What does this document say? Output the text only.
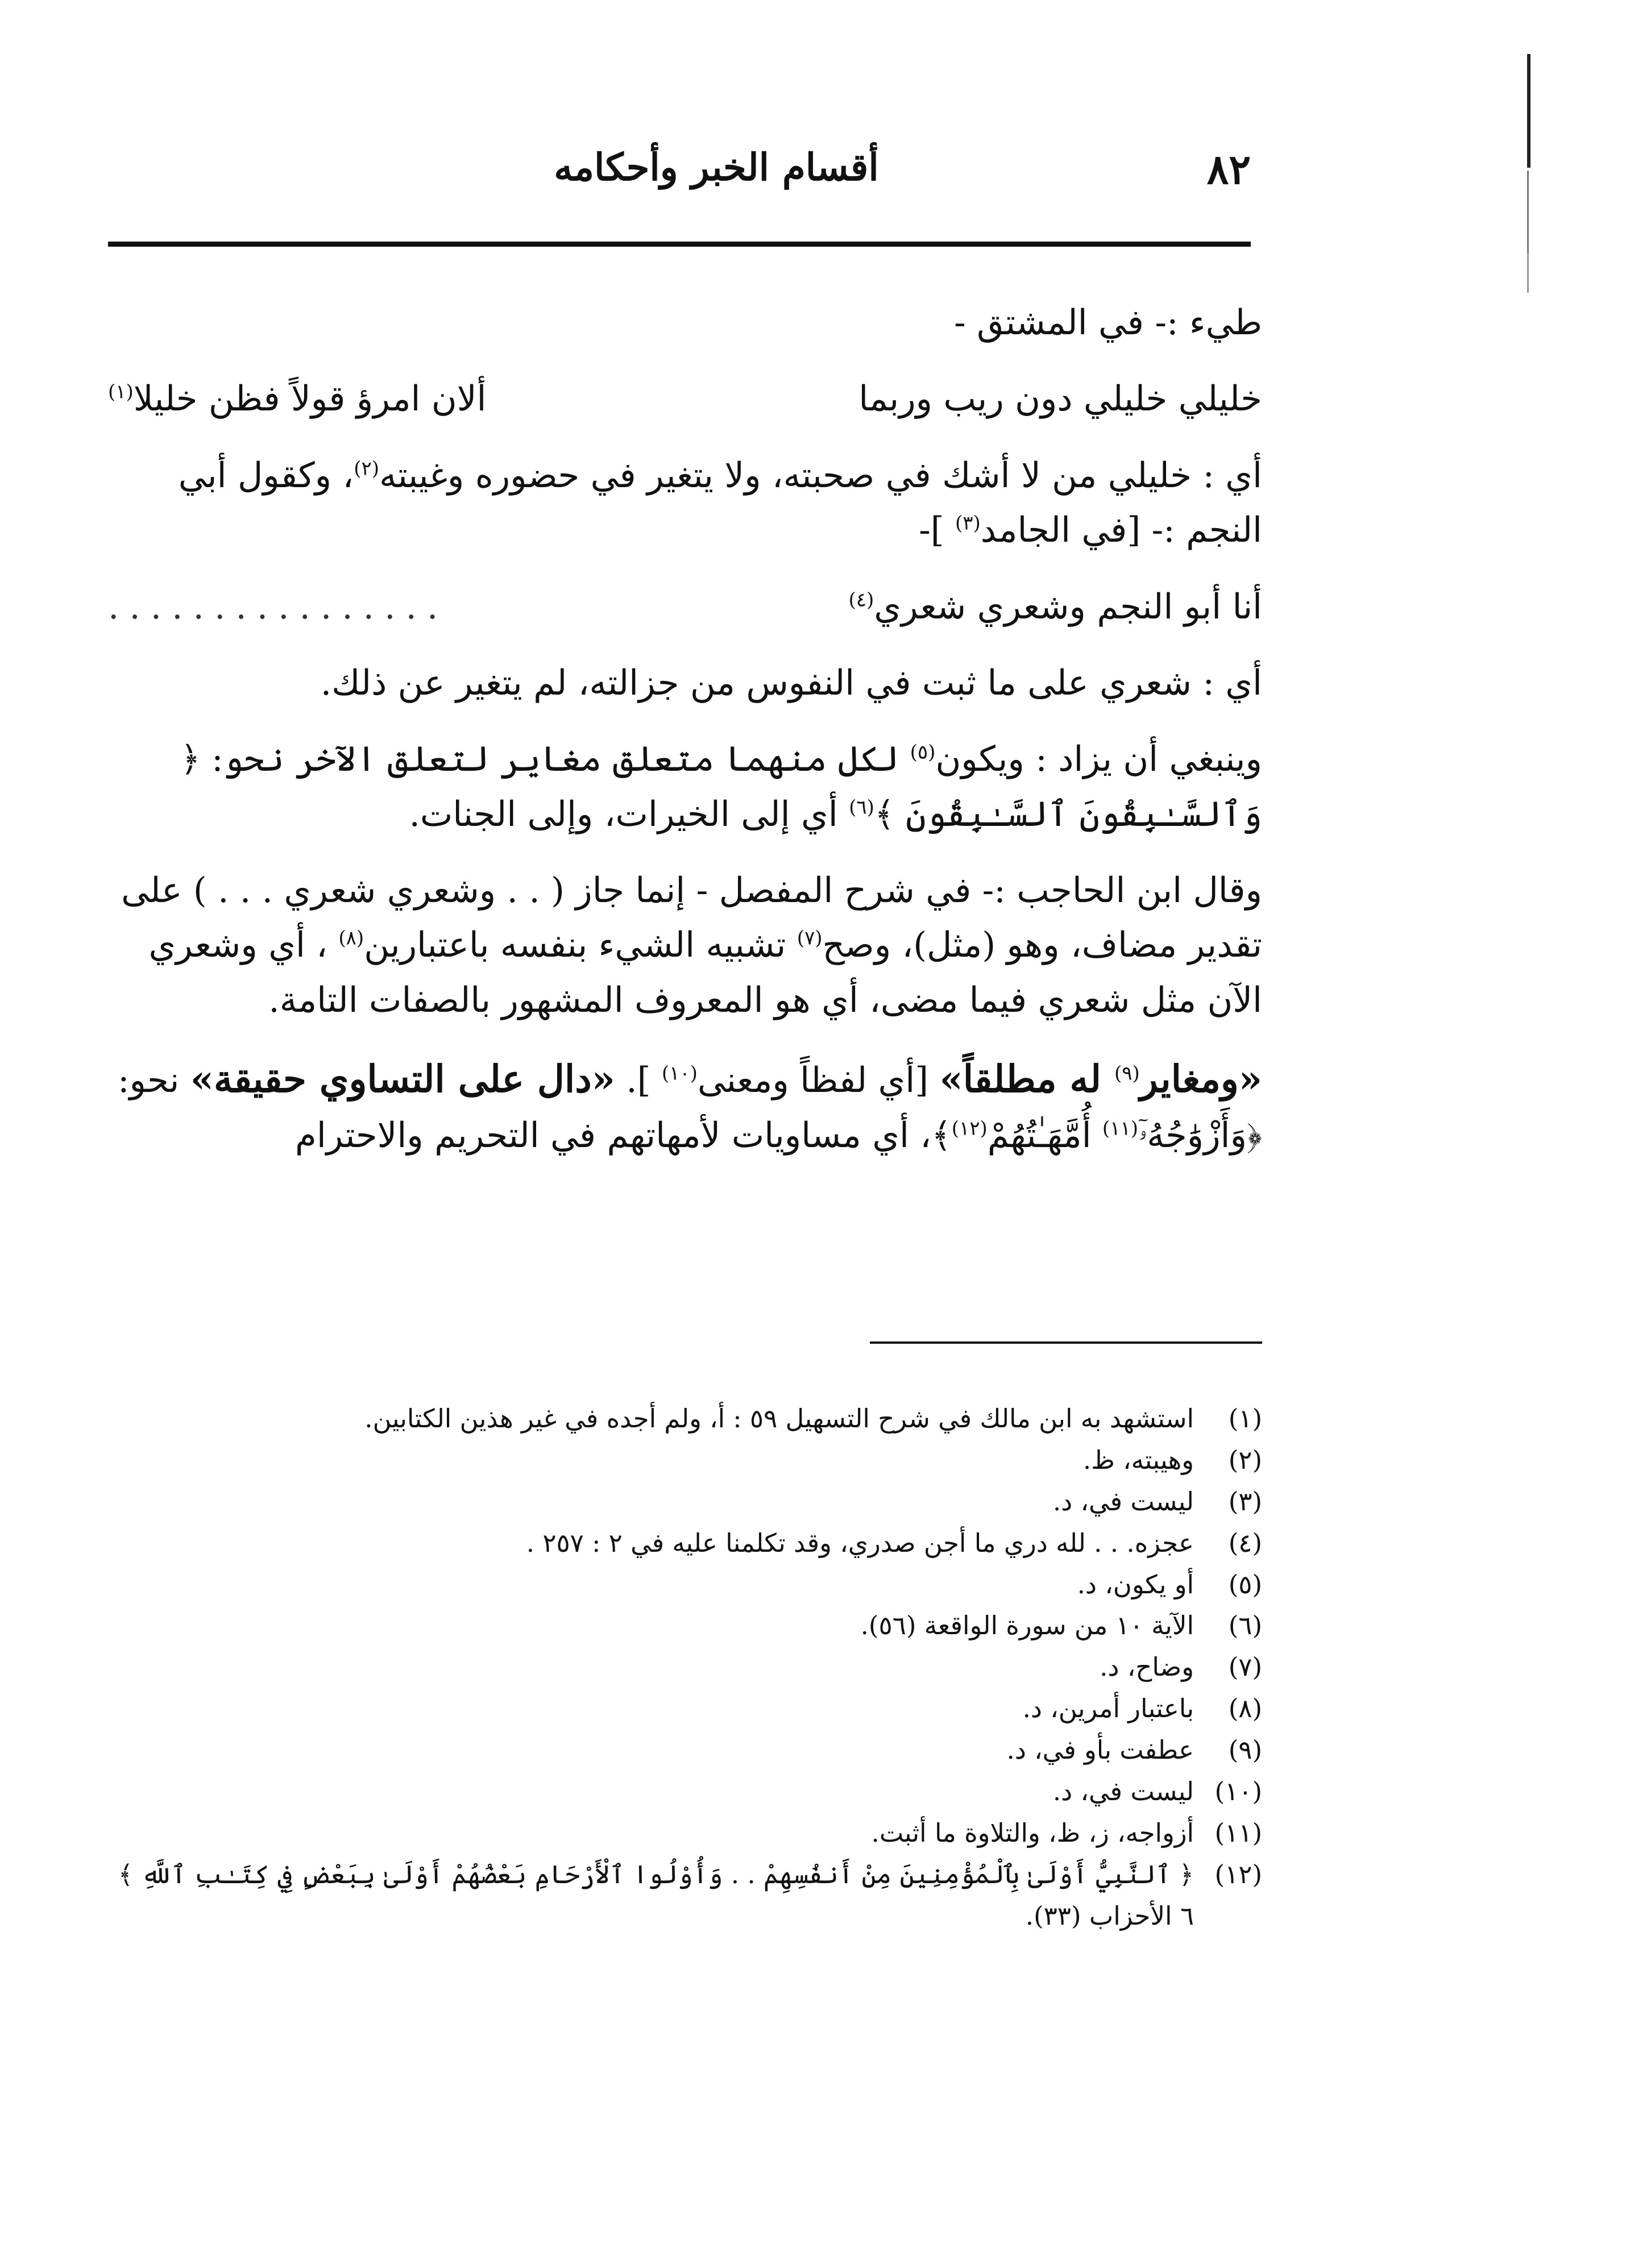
٨٢
أقسام الخبر وأحكامه

طيء :- في المشتق -

خليلي خليلي دون ريب وربما
ألان امرؤ قولاً فظن خليلا$^{(١)}$

أي : خليلي من لا أشك في صحبته، ولا يتغير في حضوره وغيبته$^{(٢)}$، وكقول أبي النجم :- [في الجامد$^{(٣)}$ ]-

أنا أبو النجم وشعري شعري$^{(٤)}$
................

أي : شعري على ما ثبت في النفوس من جزالته، لم يتغير عن ذلك.

وينبغي أن يزاد : ويكون$^{(٥)}$ لكل منهما متعلق مغاير لتعلق الآخر نحو: ﴿ وَٱلسَّـٰبِقُونَ ٱلسَّـٰبِقُونَ ﴾$^{(٦)}$ أي إلى الخيرات، وإلى الجنات.

وقال ابن الحاجب :- في شرح المفصل - إنما جاز ( . . وشعري شعري . . . ) على تقدير مضاف، وهو (مثل)، وصح$^{(٧)}$ تشبيه الشيء بنفسه باعتبارين$^{(٨)}$ ، أي وشعري الآن مثل شعري فيما مضى، أي هو المعروف المشهور بالصفات التامة.

«ومغاير$^{(٩)}$ له مطلقاً» [أي لفظاً ومعنى$^{(١٠)}$ ]. «دال على التساوي حقيقة» نحو: ﴿وَأَزْوَٰجُهُۥٓ$^{(١١)}$ أُمَّهَـٰتُهُمْ$^{(١٢)}$﴾، أي مساويات لأمهاتهم في التحريم والاحترام

(١)
استشهد به ابن مالك في شرح التسهيل ٥٩ : أ، ولم أجده في غير هذين الكتابين.
(٢)
وهيبته، ظ.
(٣)
ليست في، د.
(٤)
عجزه. . . لله دري ما أجن صدري، وقد تكلمنا عليه في ٢ : ٢٥٧ .
(٥)
أو يكون، د.
(٦)
الآية ١٠ من سورة الواقعة (٥٦).
(٧)
وضاح، د.
(٨)
باعتبار أمرين، د.
(٩)
عطفت بأو في، د.
(١٠)
ليست في، د.
(١١)
أزواجه، ز، ظ، والتلاوة ما أثبت.
(١٢)
﴿ ٱلنَّبِيُّ أَوْلَىٰ بِٱلْمُؤْمِنِينَ مِنْ أَنفُسِهِمْ . . وَأُوْلُوا ٱلْأَرْحَامِ بَعْضُهُمْ أَوْلَىٰ بِبَعْضٍ فِي كِتَـٰبِ ٱللَّهِ ﴾
٦ الأحزاب (٣٣).
